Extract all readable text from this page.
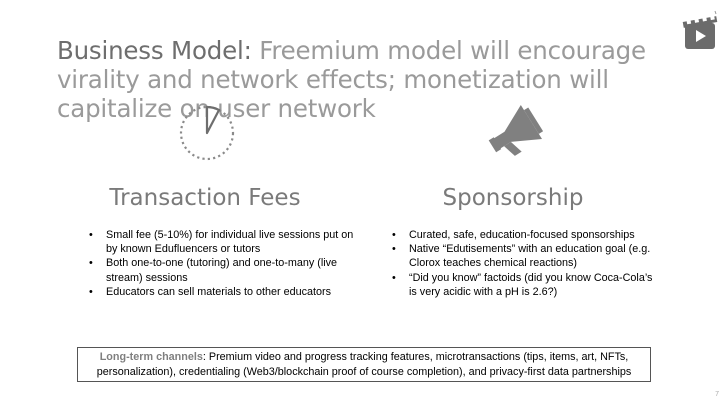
Business Model: Freemium model will encourage virality and network effects; monetization will capitalize on user network
Transaction Fees	Sponsorship
• Small fee (5-10%) for individual live sessions put on by known Edufluencers or tutors
• Both one-to-one (tutoring) and one-to-many (live stream) sessions
• Educators can sell materials to other educators
• Curated, safe, education-focused sponsorships
• Native “Edutisements” with an education goal (e.g. Clorox teaches chemical reactions)
• “Did you know” factoids (did you know Coca-Cola’s is very acidic with a pH is 2.6?)
Long-term channels: Premium video and progress tracking features, microtransactions (tips, items, art, NFTs, personalization), credentialing (Web3/blockchain proof of course completion), and privacy-first data partnerships
7
